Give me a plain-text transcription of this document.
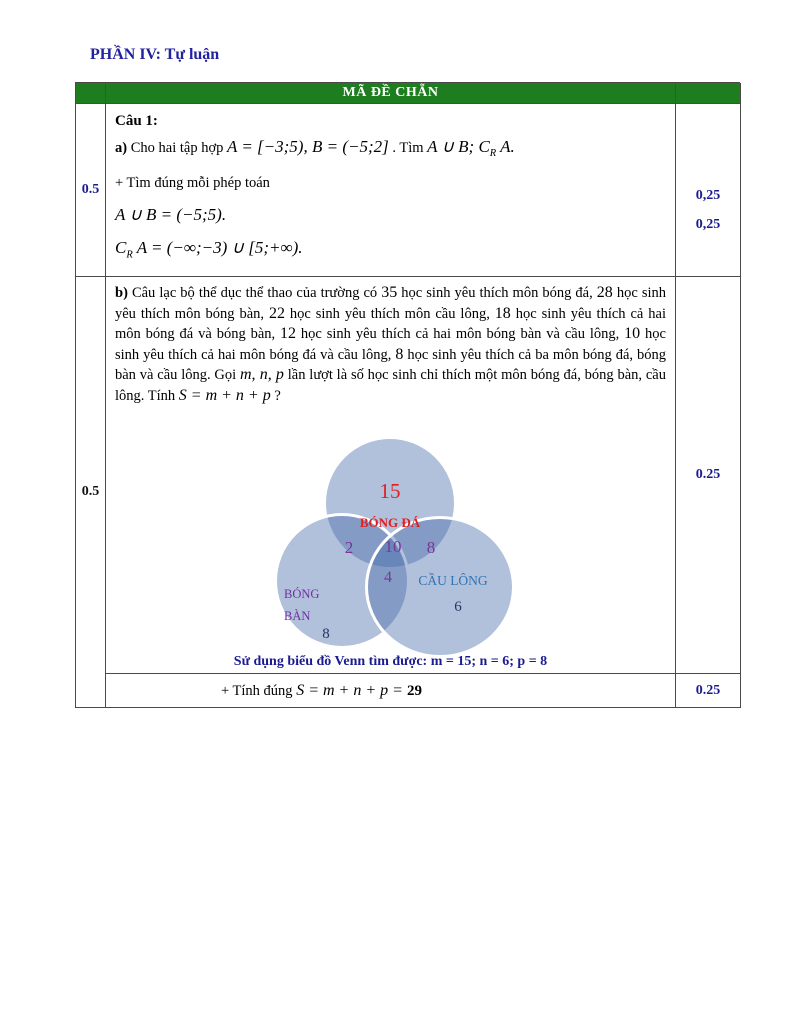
PHẦN IV: Tự luận
MÃ ĐỀ CHẴN
0.5
Câu 1:
a) Cho hai tập hợp A = [−3;5), B = (−5;2] . Tìm A ∪ B; $C_R$ A.
+ Tìm đúng mỗi phép toán
A ∪ B = (−5;5).
$C_R$ A = (−∞;−3) ∪ [5;+∞).
0,25
0,25
0.5
b) Câu lạc bộ thể dục thể thao của trường có 35 học sinh yêu thích môn bóng đá, 28 học sinh yêu thích môn bóng bàn, 22 học sinh yêu thích môn cầu lông, 18 học sinh yêu thích cả hai môn bóng đá và bóng bàn, 12 học sinh yêu thích cả hai môn bóng bàn và cầu lông, 10 học sinh yêu thích cả hai môn bóng đá và cầu lông, 8 học sinh yêu thích cả ba môn bóng đá, bóng bàn và cầu lông. Gọi m, n, p lần lượt là số học sinh chỉ thích một môn bóng đá, bóng bàn, cầu lông. Tính S = m + n + p ?
15
BÓNG ĐÁ
2 10 8
4
BÓNG
BÀN
8
CẦU LÔNG
6
Sử dụng biểu đồ Venn tìm được: m = 15; n = 6; p = 8
0.25
+ Tính đúng S = m + n + p = 29	0.25
